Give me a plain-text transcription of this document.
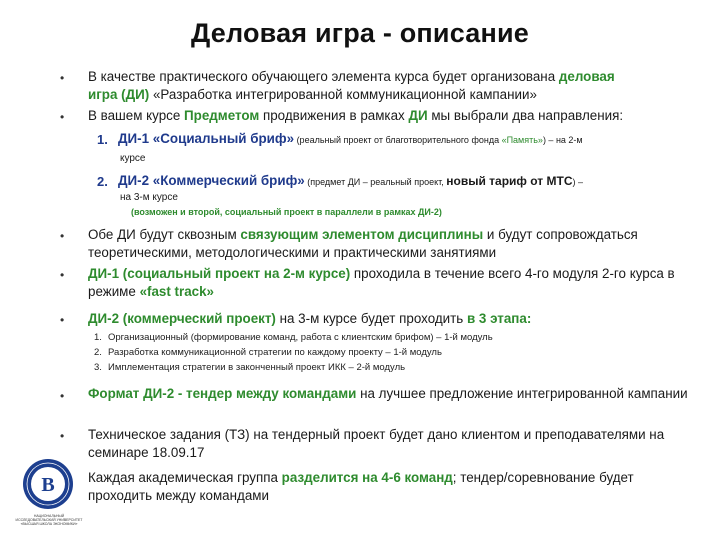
Деловая игра - описание
• В качестве практического обучающего элемента курса будет организована деловая
игра (ДИ) «Разработка интегрированной коммуникационной кампании»
• В вашем курсе Предметом продвижения в рамках ДИ мы выбрали два направления:
1. ДИ-1 «Социальный бриф» (реальный проект от благотворительного фонда «Память») – на 2-м
курсе
2. ДИ-2 «Коммерческий бриф» (предмет ДИ – реальный проект, новый тариф от МТС) –
на 3-м курсе
(возможен и второй, социальный проект в параллели в рамках ДИ-2)
• Обе ДИ будут сквозным связующим элементом дисциплины и будут сопровождаться теоретическими, методологическими и практическими занятиями
• ДИ-1 (социальный проект на 2-м курсе) проходила в течение всего 4-го модуля 2-го курса в режиме «fast track»
• ДИ-2 (коммерческий проект) на 3-м курсе будет проходить в 3 этапа:
1. Организационный (формирование команд, работа с клиентским брифом) – 1-й модуль
2. Разработка коммуникационной стратегии по каждому проекту – 1-й модуль
3. Имплементация стратегии в законченный проект ИКК – 2-й модуль
• Формат ДИ-2 - тендер между командами на лучшее предложение интегрированной кампании
• Техническое задания (ТЗ) на тендерный проект будет дано клиентом и преподавателями на семинаре 18.09.17
Каждая академическая группа разделится на 4-6 команд; тендер/соревнование будет проходить между командами
В
НАЦИОНАЛЬНЫЙ ИССЛЕДОВАТЕЛЬСКИЙ УНИВЕРСИТЕТ «ВЫСШАЯ ШКОЛА ЭКОНОМИКИ»
